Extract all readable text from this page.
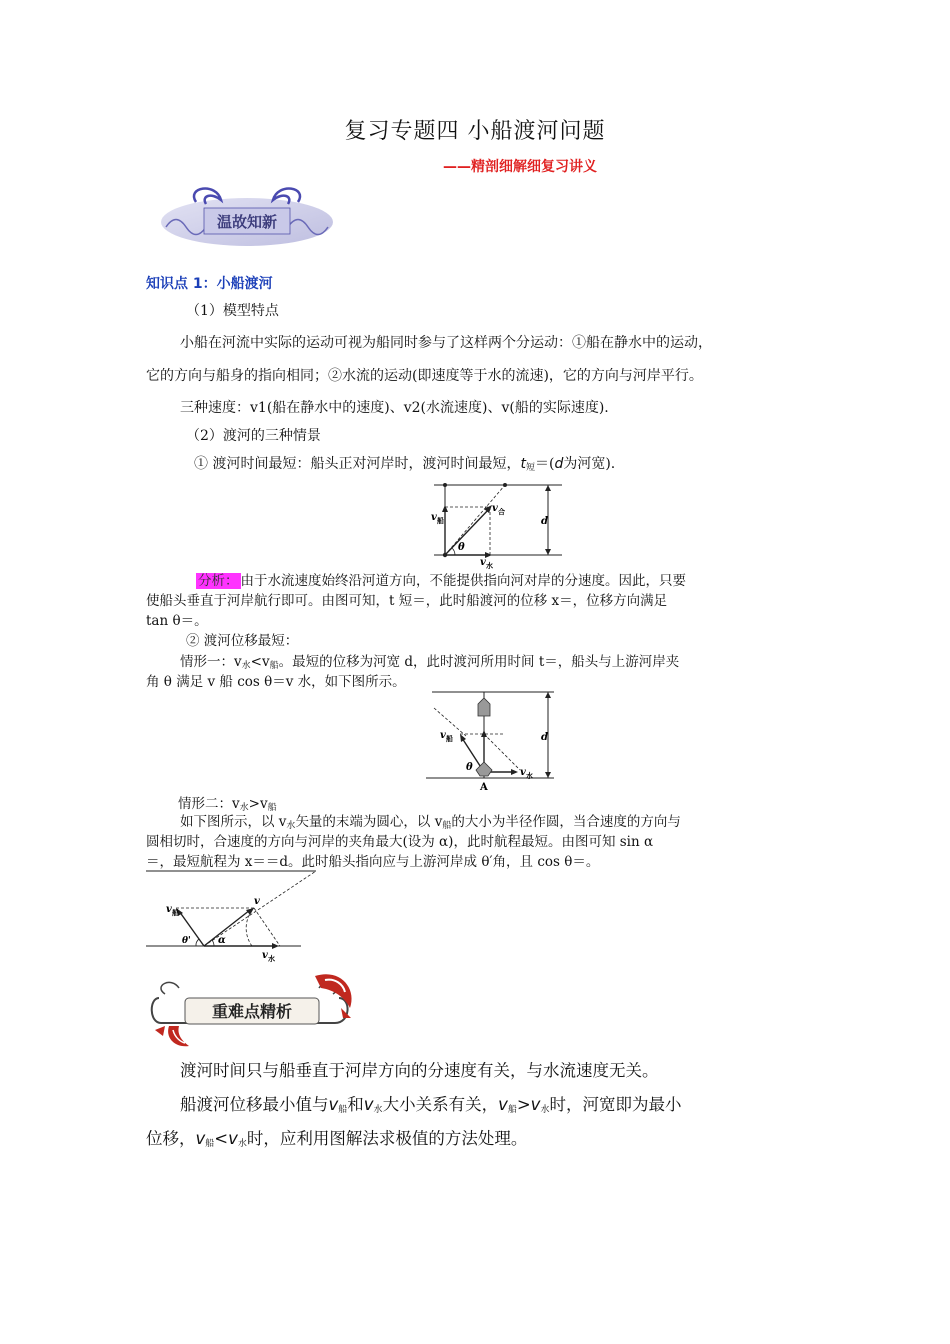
复习专题四 小船渡河问题
——精剖细解细复习讲义
温故知新
知识点 1：小船渡河
（1）模型特点
小船在河流中实际的运动可视为船同时参与了这样两个分运动：①船在静水中的运动，
它的方向与船身的指向相同；②水流的运动(即速度等于水的流速)，它的方向与河岸平行。
三种速度：v1(船在静水中的速度)、v2(水流速度)、v(船的实际速度).
（2）渡河的三种情景
① 渡河时间最短：船头正对河岸时，渡河时间最短，$t_短=(d$为河宽).
v 船
v 合
v 水
θ
d
分析： 由于水流速度始终沿河道方向，不能提供指向河对岸的分速度。因此，只要
使船头垂直于河岸航行即可。由图可知，t 短＝，此时船渡河的位移 x＝，位移方向满足
tan θ＝。
② 渡河位移最短：
情形一：$v_水<v_船$。最短的位移为河宽 d，此时渡河所用时间 t＝，船头与上游河岸夹
角 θ 满足 v 船 cos θ＝v 水，如下图所示。
v 船
v 水
θ
d
A
情形二：$v_水>v_船$
如下图所示，以 $v_水$矢量的末端为圆心，以 $v_船$的大小为半径作圆，当合速度的方向与
圆相切时，合速度的方向与河岸的夹角最大(设为 α)，此时航程最短。由图可知 sin α
＝，最短航程为 x＝＝d。此时船头指向应与上游河岸成 θ′角，且 cos θ＝。
v 船
v
v 水
θ'	α
重难点精析
渡河时间只与船垂直于河岸方向的分速度有关，与水流速度无关。
船渡河位移最小值与$v_船$和$v_水$大小关系有关，$v_船>v_水$时，河宽即为最小
位移，$v_船<v_水$时，应利用图解法求极值的方法处理。
